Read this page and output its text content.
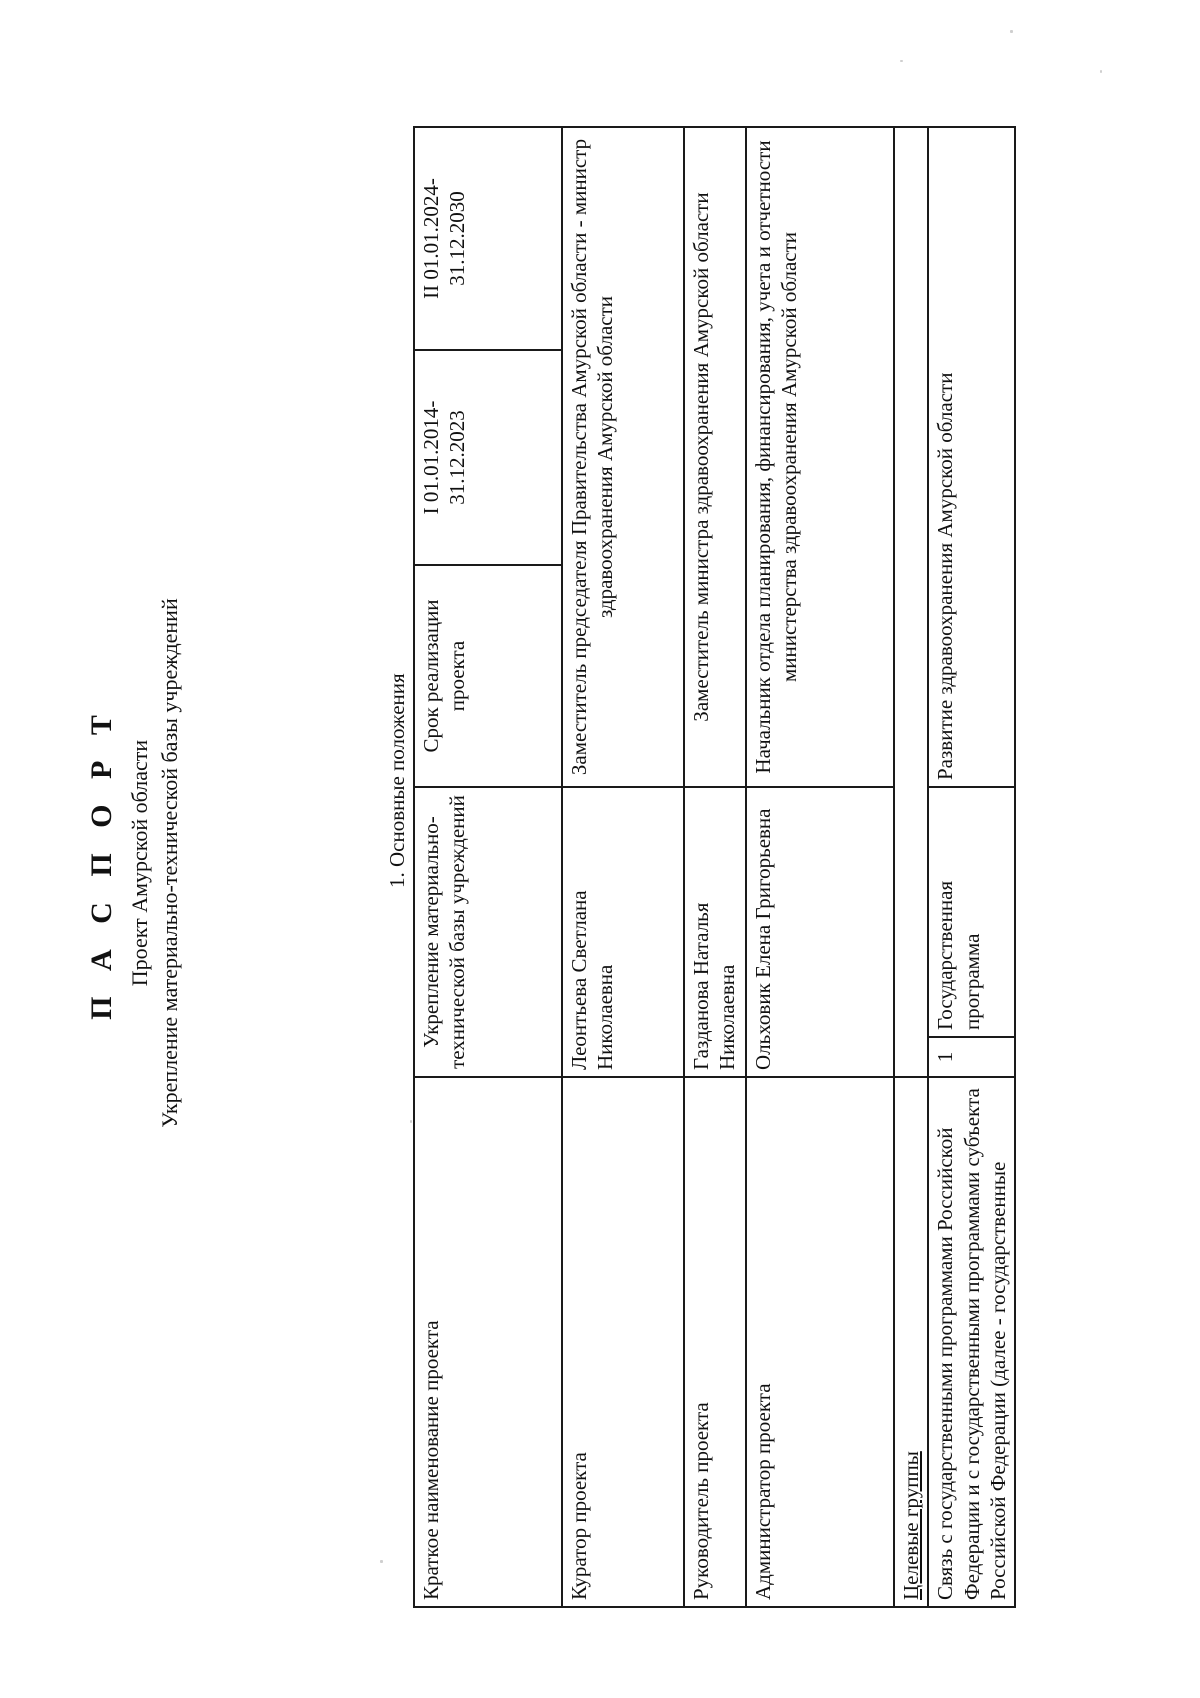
П А С П О Р Т Проект Амурской области Укрепление материально-технической базы учреждений	1. Основные положения
Краткое наименование проекта	Укрепление материально-технической базы учреждений		Срок реализации проекта	I 01.01.2014-31.12.2023	II 01.01.2024-31.12.2030
Куратор проекта	Леонтьева Светлана Николаевна		Заместитель председателя Правительства Амурской области - министр здравоохранения Амурской области		
Руководитель проекта	Газданова Наталья Николаевна		Заместитель министра здравоохранения Амурской области		
Администратор проекта	Ольховик Елена Григорьевна		Начальник отдела планирования, финансирования, учета и отчетности министерства здравоохранения Амурской области		
Целевые группы					
Связь с государственными программами Российской Федерации и с государственными программами субъекта Российской Федерации (далее - государственные	1	Государственная программа	Развитие здравоохранения Амурской области		
